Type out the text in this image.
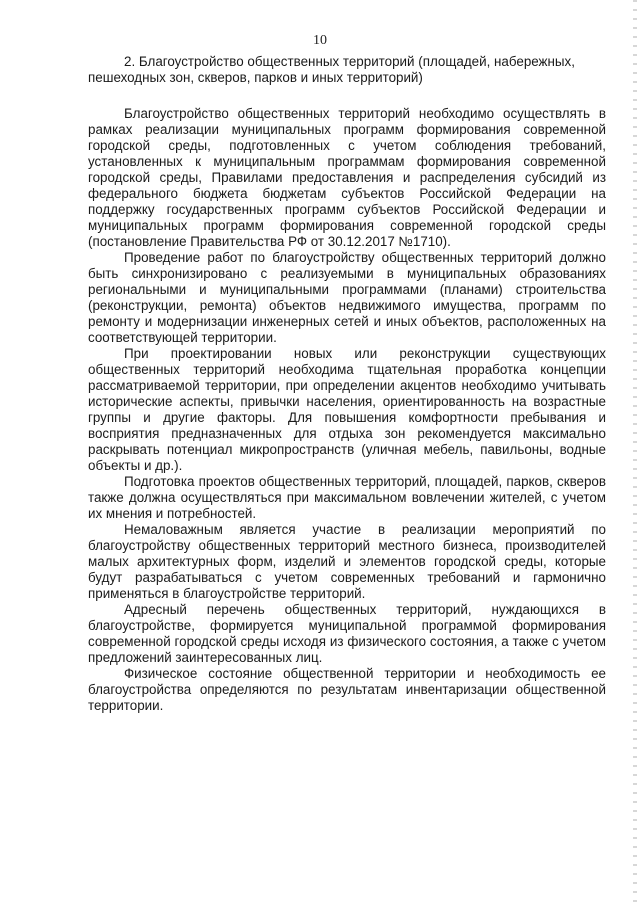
10
2. Благоустройство общественных территорий (площадей, набережных, пешеходных зон, скверов, парков и иных территорий)

Благоустройство общественных территорий необходимо осуществлять в рамках реализации муниципальных программ формирования современной городской среды, подготовленных с учетом соблюдения требований, установленных к муниципальным программам формирования современной городской среды, Правилами предоставления и распределения субсидий из федерального бюджета бюджетам субъектов Российской Федерации на поддержку государственных программ субъектов Российской Федерации и муниципальных программ формирования современной городской среды (постановление Правительства РФ от 30.12.2017 №1710).

Проведение работ по благоустройству общественных территорий должно быть синхронизировано с реализуемыми в муниципальных образованиях региональными и муниципальными программами (планами) строительства (реконструкции, ремонта) объектов недвижимого имущества, программ по ремонту и модернизации инженерных сетей и иных объектов, расположенных на соответствующей территории.

При проектировании новых или реконструкции существующих общественных территорий необходима тщательная проработка концепции рассматриваемой территории, при определении акцентов необходимо учитывать исторические аспекты, привычки населения, ориентированность на возрастные группы и другие факторы. Для повышения комфортности пребывания и восприятия предназначенных для отдыха зон рекомендуется максимально раскрывать потенциал микропространств (уличная мебель, павильоны, водные объекты и др.).

Подготовка проектов общественных территорий, площадей, парков, скверов также должна осуществляться при максимальном вовлечении жителей, с учетом их мнения и потребностей.

Немаловажным является участие в реализации мероприятий по благоустройству общественных территорий местного бизнеса, производителей малых архитектурных форм, изделий и элементов городской среды, которые будут разрабатываться с учетом современных требований и гармонично применяться в благоустройстве территорий.

Адресный перечень общественных территорий, нуждающихся в благоустройстве, формируется муниципальной программой формирования современной городской среды исходя из физического состояния, а также с учетом предложений заинтересованных лиц.

Физическое состояние общественной территории и необходимость ее благоустройства определяются по результатам инвентаризации общественной территории.
